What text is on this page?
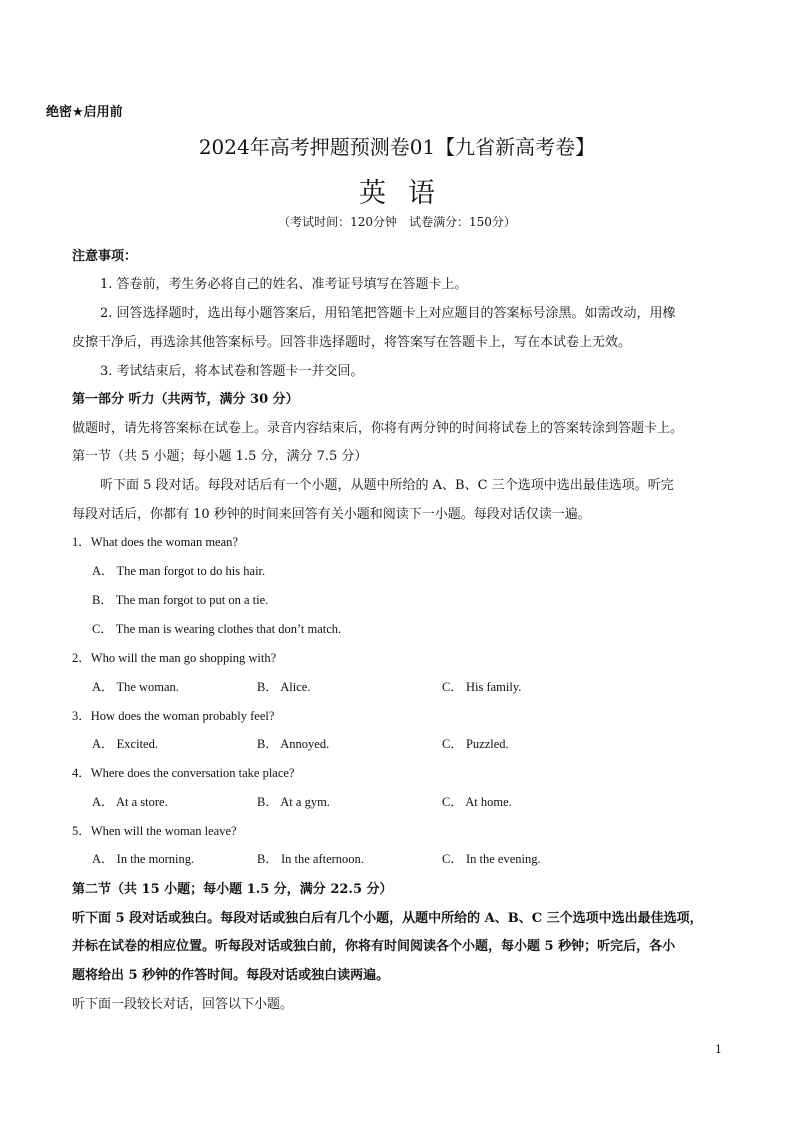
绝密★启用前
2024年高考押题预测卷01【九省新高考卷】
英语
（考试时间：120分钟　试卷满分：150分）
注意事项：
1. 答卷前，考生务必将自己的姓名、准考证号填写在答题卡上。
2. 回答选择题时，选出每小题答案后，用铅笔把答题卡上对应题目的答案标号涂黑。如需改动，用橡
皮擦干净后，再选涂其他答案标号。回答非选择题时，将答案写在答题卡上，写在本试卷上无效。
3. 考试结束后，将本试卷和答题卡一并交回。
第一部分 听力（共两节，满分 30 分）
做题时，请先将答案标在试卷上。录音内容结束后，你将有两分钟的时间将试卷上的答案转涂到答题卡上。
第一节（共 5 小题；每小题 1.5 分，满分 7.5 分）
听下面 5 段对话。每段对话后有一个小题，从题中所给的 A、B、C 三个选项中选出最佳选项。听完
每段对话后，你都有 10 秒钟的时间来回答有关小题和阅读下一小题。每段对话仅读一遍。
1．What does the woman mean?
A． The man forgot to do his hair.
B． The man forgot to put on a tie.
C． The man is wearing clothes that don’t match.
2．Who will the man go shopping with?
A． The woman.	B． Alice.	C． His family.
3．How does the woman probably feel?
A． Excited.	B． Annoyed.	C． Puzzled.
4．Where does the conversation take place?
A． At a store.	B． At a gym.	C． At home.
5．When will the woman leave?
A． In the morning.	B． In the afternoon.	C． In the evening.
第二节（共 15 小题；每小题 1.5 分，满分 22.5 分）
听下面 5 段对话或独白。每段对话或独白后有几个小题，从题中所给的 A、B、C 三个选项中选出最佳选项，
并标在试卷的相应位置。听每段对话或独白前，你将有时间阅读各个小题，每小题 5 秒钟；听完后，各小
题将给出 5 秒钟的作答时间。每段对话或独白读两遍。
听下面一段较长对话，回答以下小题。
1
